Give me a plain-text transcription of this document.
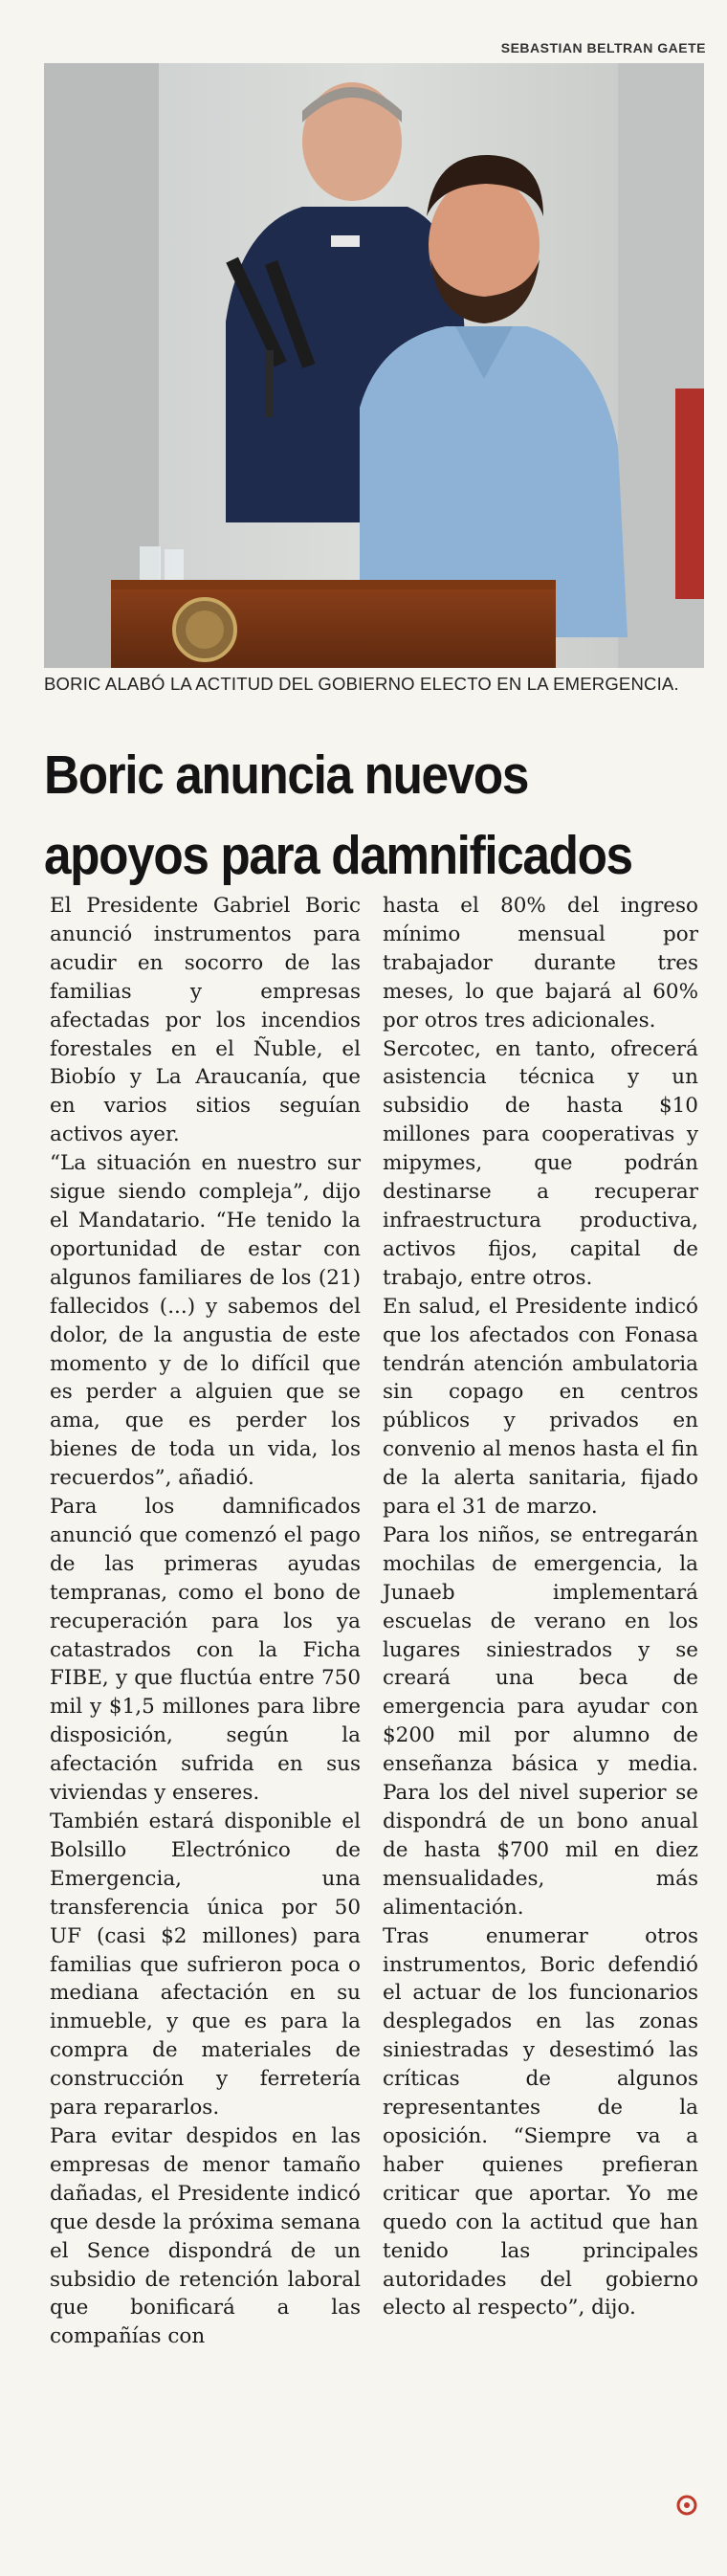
SEBASTIAN BELTRAN GAETE
BORIC ALABÓ LA ACTITUD DEL GOBIERNO ELECTO EN LA EMERGENCIA.
Boric anuncia nuevos
apoyos para damnificados

El Presidente Gabriel Boric anunció instrumentos para acudir en socorro de las familias y empresas afectadas por los incendios forestales en el Ñuble, el Biobío y La Araucanía, que en varios sitios seguían activos ayer.

“La situación en nuestro sur sigue siendo compleja”, dijo el Mandatario. “He tenido la oportunidad de estar con algunos familiares de los (21) fallecidos (...) y sabemos del dolor, de la angustia de este momento y de lo difícil que es perder a alguien que se ama, que es perder los bienes de toda un vida, los recuerdos”, añadió.

Para los damnificados anunció que comenzó el pago de las primeras ayudas tempranas, como el bono de recuperación para los ya catastrados con la Ficha FIBE, y que fluctúa entre 750 mil y $1,5 millones para libre disposición, según la afectación sufrida en sus viviendas y enseres.

También estará disponible el Bolsillo Electrónico de Emergencia, una transferencia única por 50 UF (casi $2 millones) para familias que sufrieron poca o mediana afectación en su inmueble, y que es para la compra de materiales de construcción y ferretería para repararlos.

Para evitar despidos en las empresas de menor tamaño dañadas, el Presidente indicó que desde la próxima semana el Sence dispondrá de un subsidio de retención laboral que bonificará a las compañías con

hasta el 80% del ingreso mínimo mensual por trabajador durante tres meses, lo que bajará al 60% por otros tres adicionales.

Sercotec, en tanto, ofrecerá asistencia técnica y un subsidio de hasta $10 millones para cooperativas y mipymes, que podrán destinarse a recuperar infraestructura productiva, activos fijos, capital de trabajo, entre otros.

En salud, el Presidente indicó que los afectados con Fonasa tendrán atención ambulatoria sin copago en centros públicos y privados en convenio al menos hasta el fin de la alerta sanitaria, fijado para el 31 de marzo.

Para los niños, se entregarán mochilas de emergencia, la Junaeb implementará escuelas de verano en los lugares siniestrados y se creará una beca de emergencia para ayudar con $200 mil por alumno de enseñanza básica y media. Para los del nivel superior se dispondrá de un bono anual de hasta $700 mil en diez mensualidades, más alimentación.

Tras enumerar otros instrumentos, Boric defendió el actuar de los funcionarios desplegados en las zonas siniestradas y desestimó las críticas de algunos representantes de la oposición. “Siempre va a haber quienes prefieran criticar que aportar. Yo me quedo con la actitud que han tenido las principales autoridades del gobierno electo al respecto”, dijo.
